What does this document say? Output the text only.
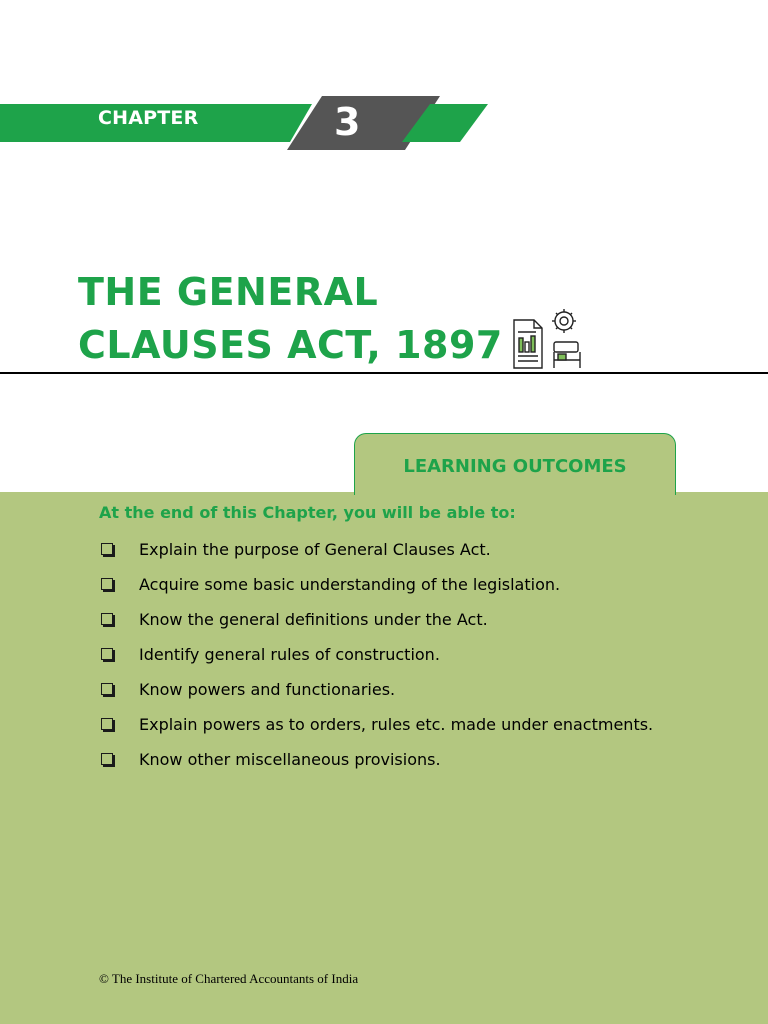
CHAPTER	3

THE GENERAL
CLAUSES ACT, 1897

LEARNING OUTCOMES

At the end of this Chapter, you will be able to:

Explain the purpose of General Clauses Act.
Acquire some basic understanding of the legislation.
Know the general definitions under the Act.
Identify general rules of construction.
Know powers and functionaries.
Explain powers as to orders, rules etc. made under enactments.
Know other miscellaneous provisions.

© The Institute of Chartered Accountants of India
